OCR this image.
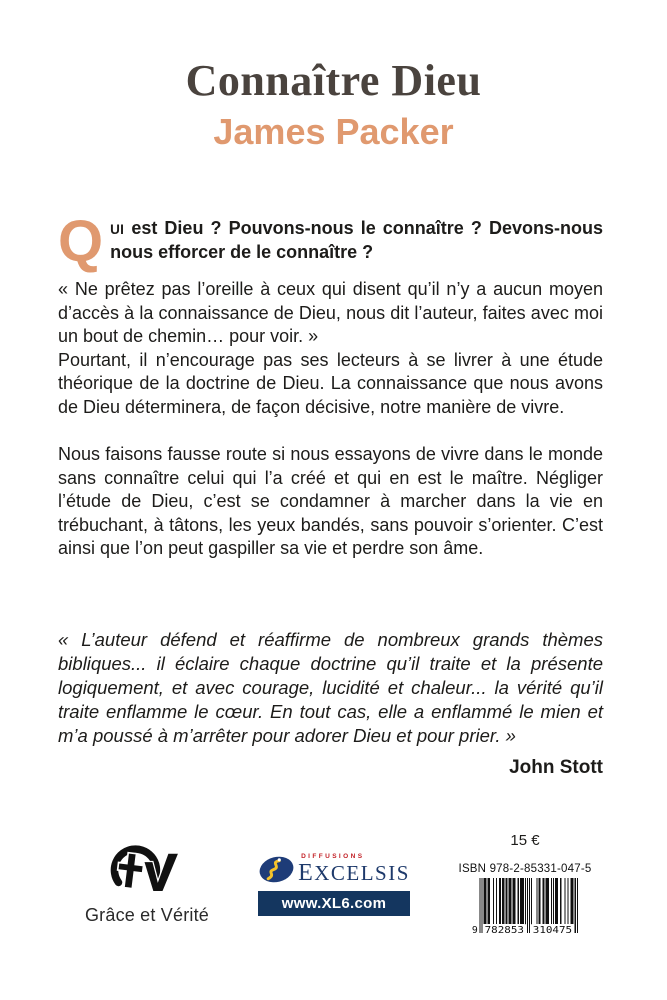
Connaître Dieu
James Packer

QUI est Dieu ? Pouvons-nous le connaître ? Devons-nous nous efforcer de le connaître ?

« Ne prêtez pas l’oreille à ceux qui disent qu’il n’y a aucun moyen d’accès à la connaissance de Dieu, nous dit l’auteur, faites avec moi un bout de chemin… pour voir. »

Pourtant, il n’encourage pas ses lecteurs à se livrer à une étude théorique de la doctrine de Dieu. La connaissance que nous avons de Dieu déterminera, de façon décisive, notre manière de vivre.

Nous faisons fausse route si nous essayons de vivre dans le monde sans connaître celui qui l’a créé et qui en est le maître. Négliger l’étude de Dieu, c’est se condamner à marcher dans la vie en trébuchant, à tâtons, les yeux bandés, sans pouvoir s’orienter. C’est ainsi que l’on peut gaspiller sa vie et perdre son âme.

« L’auteur défend et réaffirme de nombreux grands thèmes bibliques... il éclaire chaque doctrine qu’il traite et la présente logiquement, et avec courage, lucidité et chaleur... la vérité qu’il traite enflamme le cœur. En tout cas, elle a enflammé le mien et m’a poussé à m’arrêter pour adorer Dieu et pour prier. »

John Stott

Grâce et Vérité
DIFFUSIONS
EXCELSIS
www.XL6.com
15 €
ISBN 978-2-85331-047-5
9 782853 310475
